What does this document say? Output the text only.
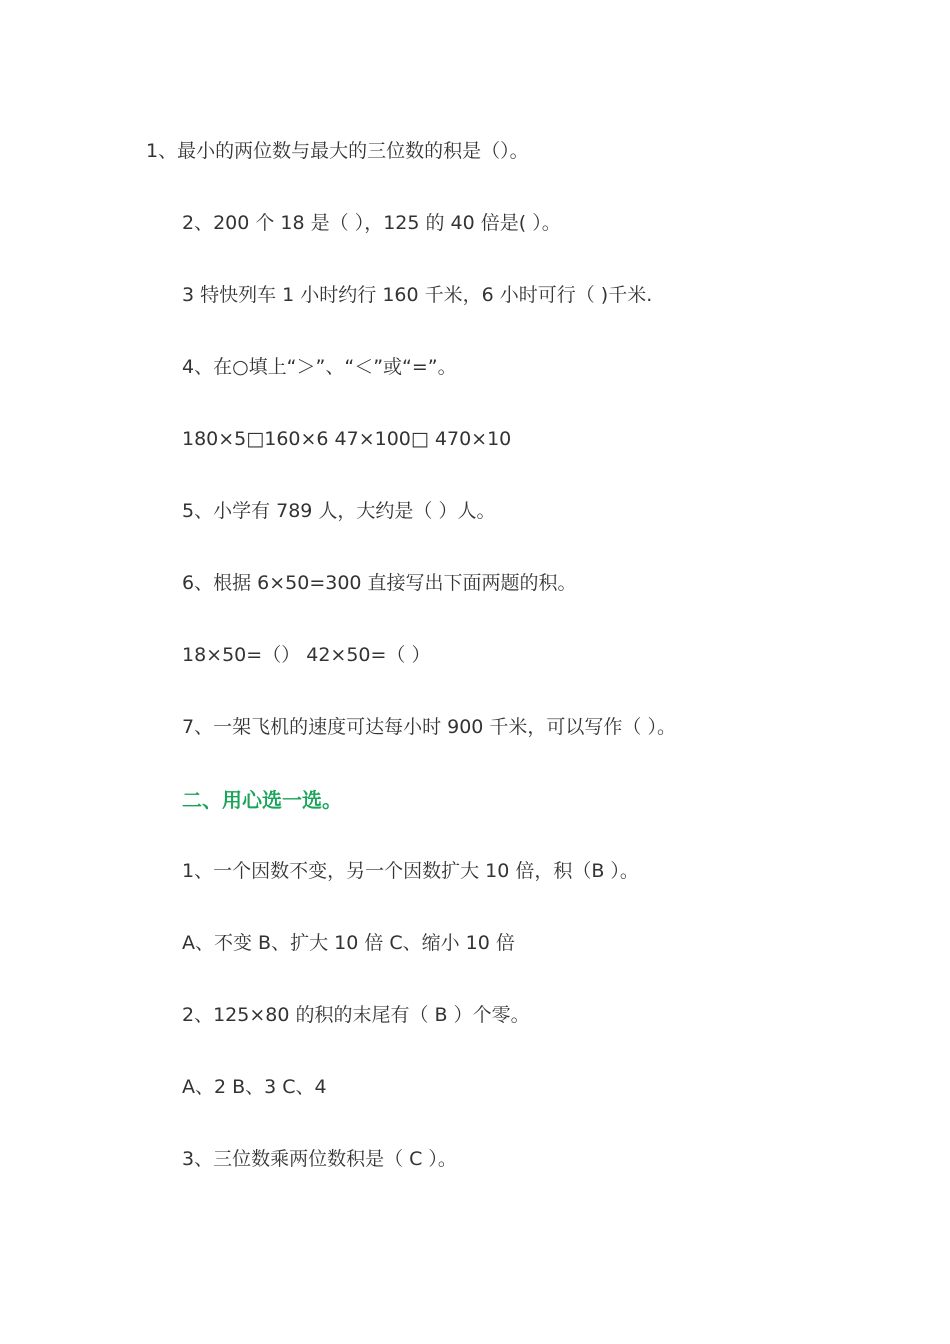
1、最小的两位数与最大的三位数的积是（）。
2、200 个 18 是（ ），125 的 40 倍是( ）。
3 特快列车 1 小时约行 160 千米，6 小时可行（ )千米.
4、在○填上“＞”、“＜”或“=”。
180×5□160×6 47×100□ 470×10
5、小学有 789 人，大约是（ ）人。
6、根据 6×50=300 直接写出下面两题的积。
18×50=（） 42×50=（ ）
7、一架飞机的速度可达每小时 900 千米，可以写作（ ）。
二、用心选一选。
1、一个因数不变，另一个因数扩大 10 倍，积（B ）。
A、不变 B、扩大 10 倍 C、缩小 10 倍
2、125×80 的积的末尾有（ B ）个零。
A、2 B、3 C、4
3、三位数乘两位数积是（ C ）。
